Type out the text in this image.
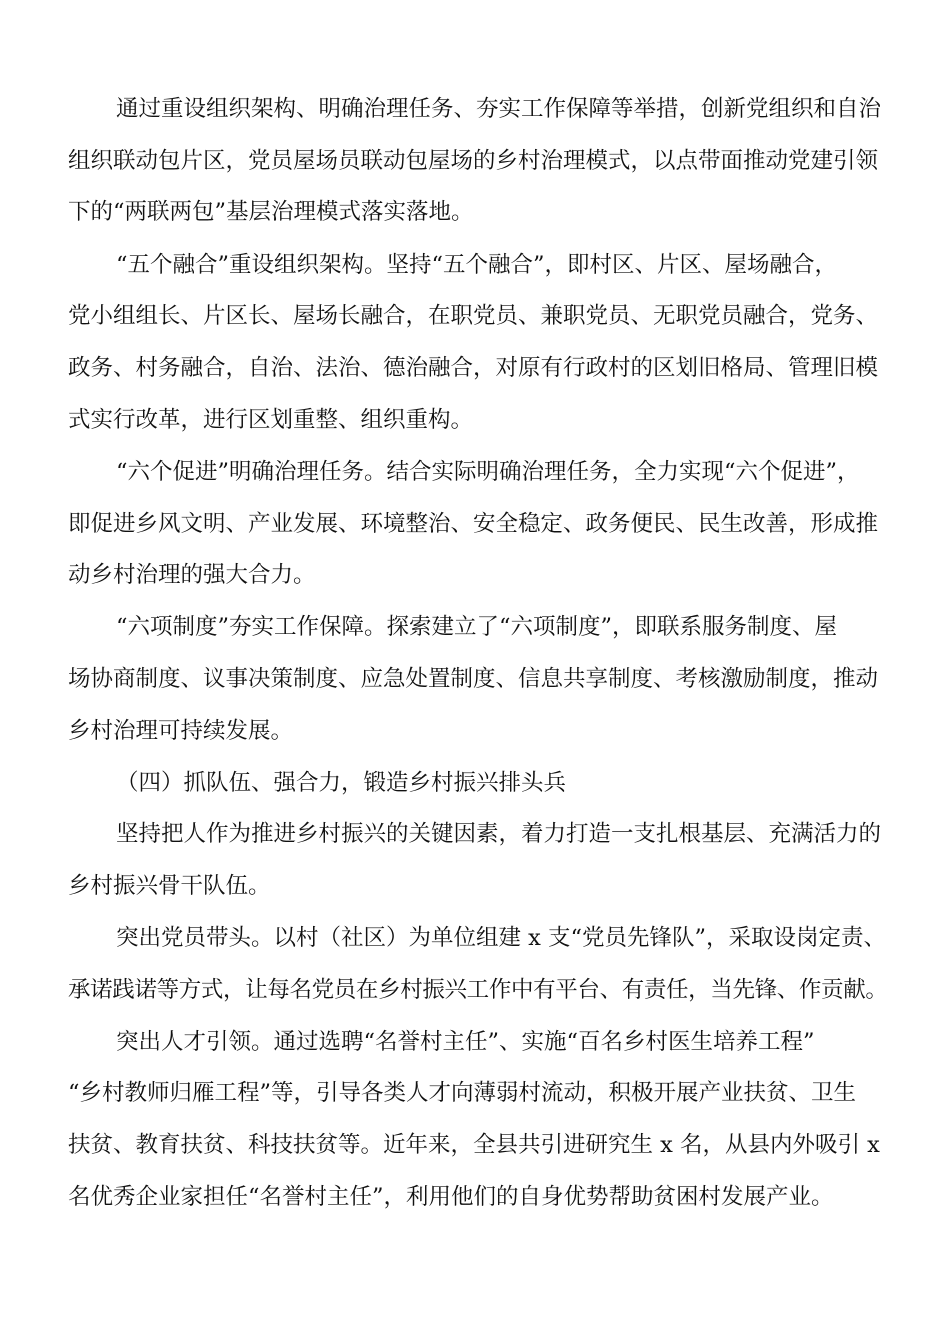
通过重设组织架构、明确治理任务、夯实工作保障等举措，创新党组织和自治
组织联动包片区，党员屋场员联动包屋场的乡村治理模式，以点带面推动党建引领
下的“两联两包”基层治理模式落实落地。
“五个融合”重设组织架构。坚持“五个融合”，即村区、片区、屋场融合，
党小组组长、片区长、屋场长融合，在职党员、兼职党员、无职党员融合，党务、
政务、村务融合，自治、法治、德治融合，对原有行政村的区划旧格局、管理旧模
式实行改革，进行区划重整、组织重构。
“六个促进”明确治理任务。结合实际明确治理任务，全力实现“六个促进”，
即促进乡风文明、产业发展、环境整治、安全稳定、政务便民、民生改善，形成推
动乡村治理的强大合力。
“六项制度”夯实工作保障。探索建立了“六项制度”，即联系服务制度、屋
场协商制度、议事决策制度、应急处置制度、信息共享制度、考核激励制度，推动
乡村治理可持续发展。
（四）抓队伍、强合力，锻造乡村振兴排头兵
坚持把人作为推进乡村振兴的关键因素，着力打造一支扎根基层、充满活力的
乡村振兴骨干队伍。
突出党员带头。以村（社区）为单位组建 x 支“党员先锋队”，采取设岗定责、
承诺践诺等方式，让每名党员在乡村振兴工作中有平台、有责任，当先锋、作贡献。
突出人才引领。通过选聘“名誉村主任”、实施“百名乡村医生培养工程”
“乡村教师归雁工程”等，引导各类人才向薄弱村流动，积极开展产业扶贫、卫生
扶贫、教育扶贫、科技扶贫等。近年来，全县共引进研究生 x 名，从县内外吸引 x
名优秀企业家担任“名誉村主任”，利用他们的自身优势帮助贫困村发展产业。
